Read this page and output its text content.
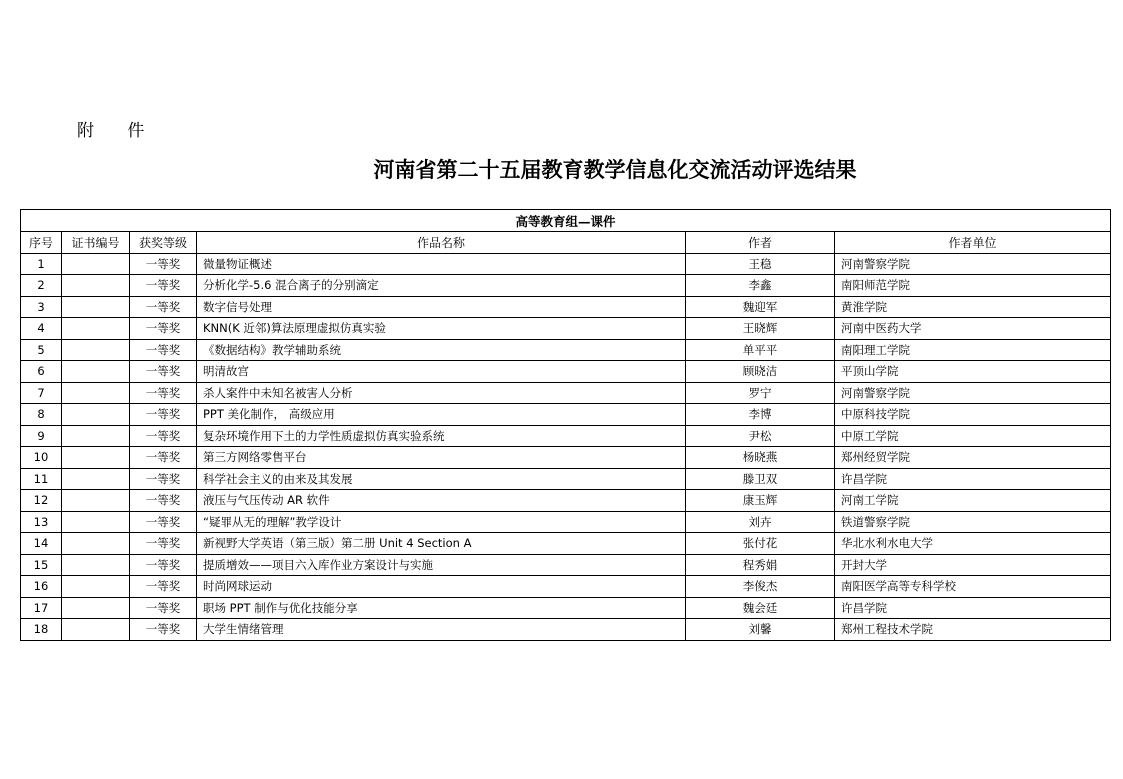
附 件
河南省第二十五届教育教学信息化交流活动评选结果
高等教育组—课件					
序号	证书编号	获奖等级	作品名称	作者	作者单位
1		一等奖	微量物证概述	王稳	河南警察学院
2		一等奖	分析化学-5.6 混合离子的分别滴定	李鑫	南阳师范学院
3		一等奖	数字信号处理	魏迎军	黄淮学院
4		一等奖	KNN(K 近邻)算法原理虚拟仿真实验	王晓辉	河南中医药大学
5		一等奖	《数据结构》教学辅助系统	单平平	南阳理工学院
6		一等奖	明清故宫	顾晓洁	平顶山学院
7		一等奖	杀人案件中未知名被害人分析	罗宁	河南警察学院
8		一等奖	PPT 美化制作， 高级应用	李博	中原科技学院
9		一等奖	复杂环境作用下土的力学性质虚拟仿真实验系统	尹松	中原工学院
10		一等奖	第三方网络零售平台	杨晓燕	郑州经贸学院
11		一等奖	科学社会主义的由来及其发展	滕卫双	许昌学院
12		一等奖	液压与气压传动 AR 软件	康玉辉	河南工学院
13		一等奖	“疑罪从无的理解”教学设计	刘卉	铁道警察学院
14		一等奖	新视野大学英语（第三版）第二册 Unit 4 Section A	张付花	华北水利水电大学
15		一等奖	提质增效——项目六入库作业方案设计与实施	程秀娟	开封大学
16		一等奖	时尚网球运动	李俊杰	南阳医学高等专科学校
17		一等奖	职场 PPT 制作与优化技能分享	魏会廷	许昌学院
18		一等奖	大学生情绪管理	刘馨	郑州工程技术学院
